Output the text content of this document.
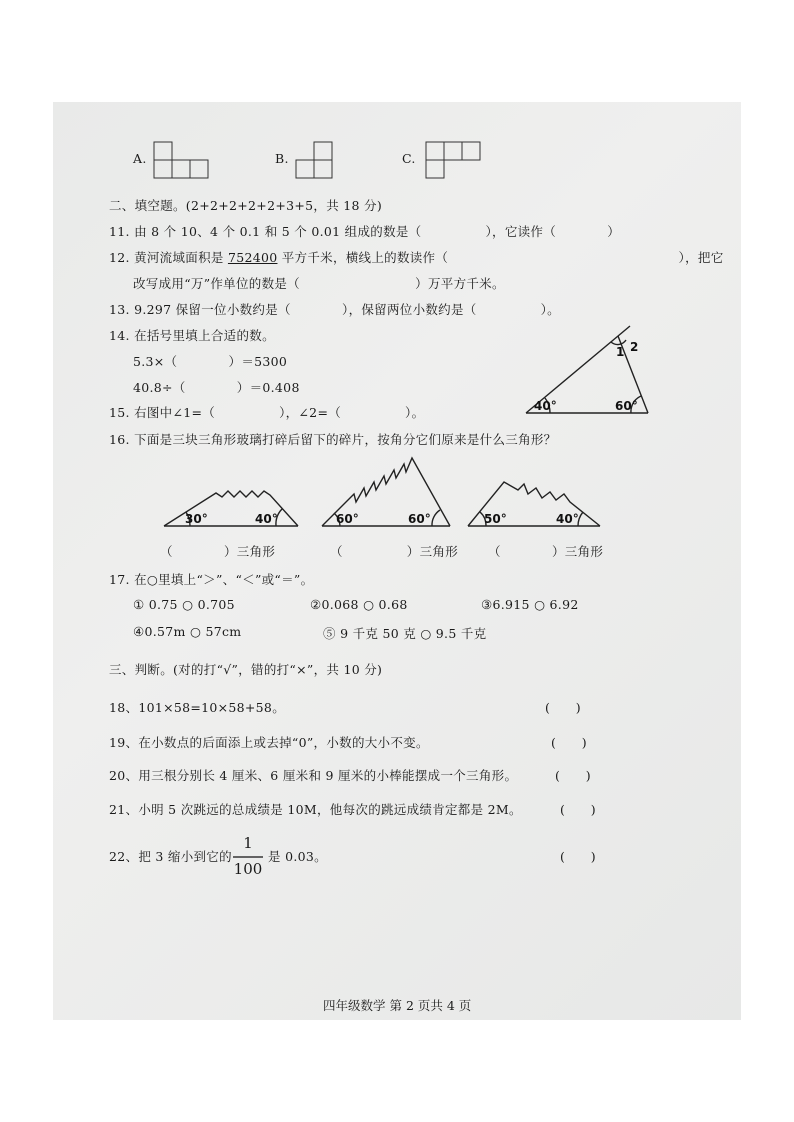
A.	B.	C.
二、填空题。(2+2+2+2+2+3+5，共 18 分)
11. 由 8 个 10、4 个 0.1 和 5 个 0.01 组成的数是（　　　　　），它读作（　　　　）
12. 黄河流域面积是 752400 平方千米，横线上的数读作（　　　　　　　　　　　　　　　　　　），把它
改写成用“万”作单位的数是（　　　　　　　　　）万平方千米。
13. 9.297 保留一位小数约是（　　　　），保留两位小数约是（　　　　　）。
14. 在括号里填上合适的数。
5.3×（　　　　）＝5300
40.8÷（　　　　）＝0.408
15. 右图中∠1=（　　　　　），∠2=（　　　　　）。
1 2
40°	60°
16. 下面是三块三角形玻璃打碎后留下的碎片，按角分它们原来是什么三角形？
30°	40°	60°	60°	50°	40°
（　　　　）三角形	（　　　　　）三角形 （　　　　）三角形
17. 在○里填上“＞”、“＜”或“＝”。
① 0.75 ○ 0.705	②0.068 ○ 0.68	③6.915 ○ 6.92
④0.57m ○ 57cm	⑤ 9 千克 50 克 ○ 9.5 千克
三、判断。(对的打“√”，错的打“×”，共 10 分)
18、101×58=10×58+58。	(　　)
19、在小数点的后面添上或去掉“0”，小数的大小不变。	(　　)
20、用三根分别长 4 厘米、6 厘米和 9 厘米的小棒能摆成一个三角形。	(　　)
21、小明 5 次跳远的总成绩是 10M，他每次的跳远成绩肯定都是 2M。	(　　)
22、把 3 缩小到它的
1
100
是 0.03。	(　　)
四年级数学 第 2 页共 4 页
